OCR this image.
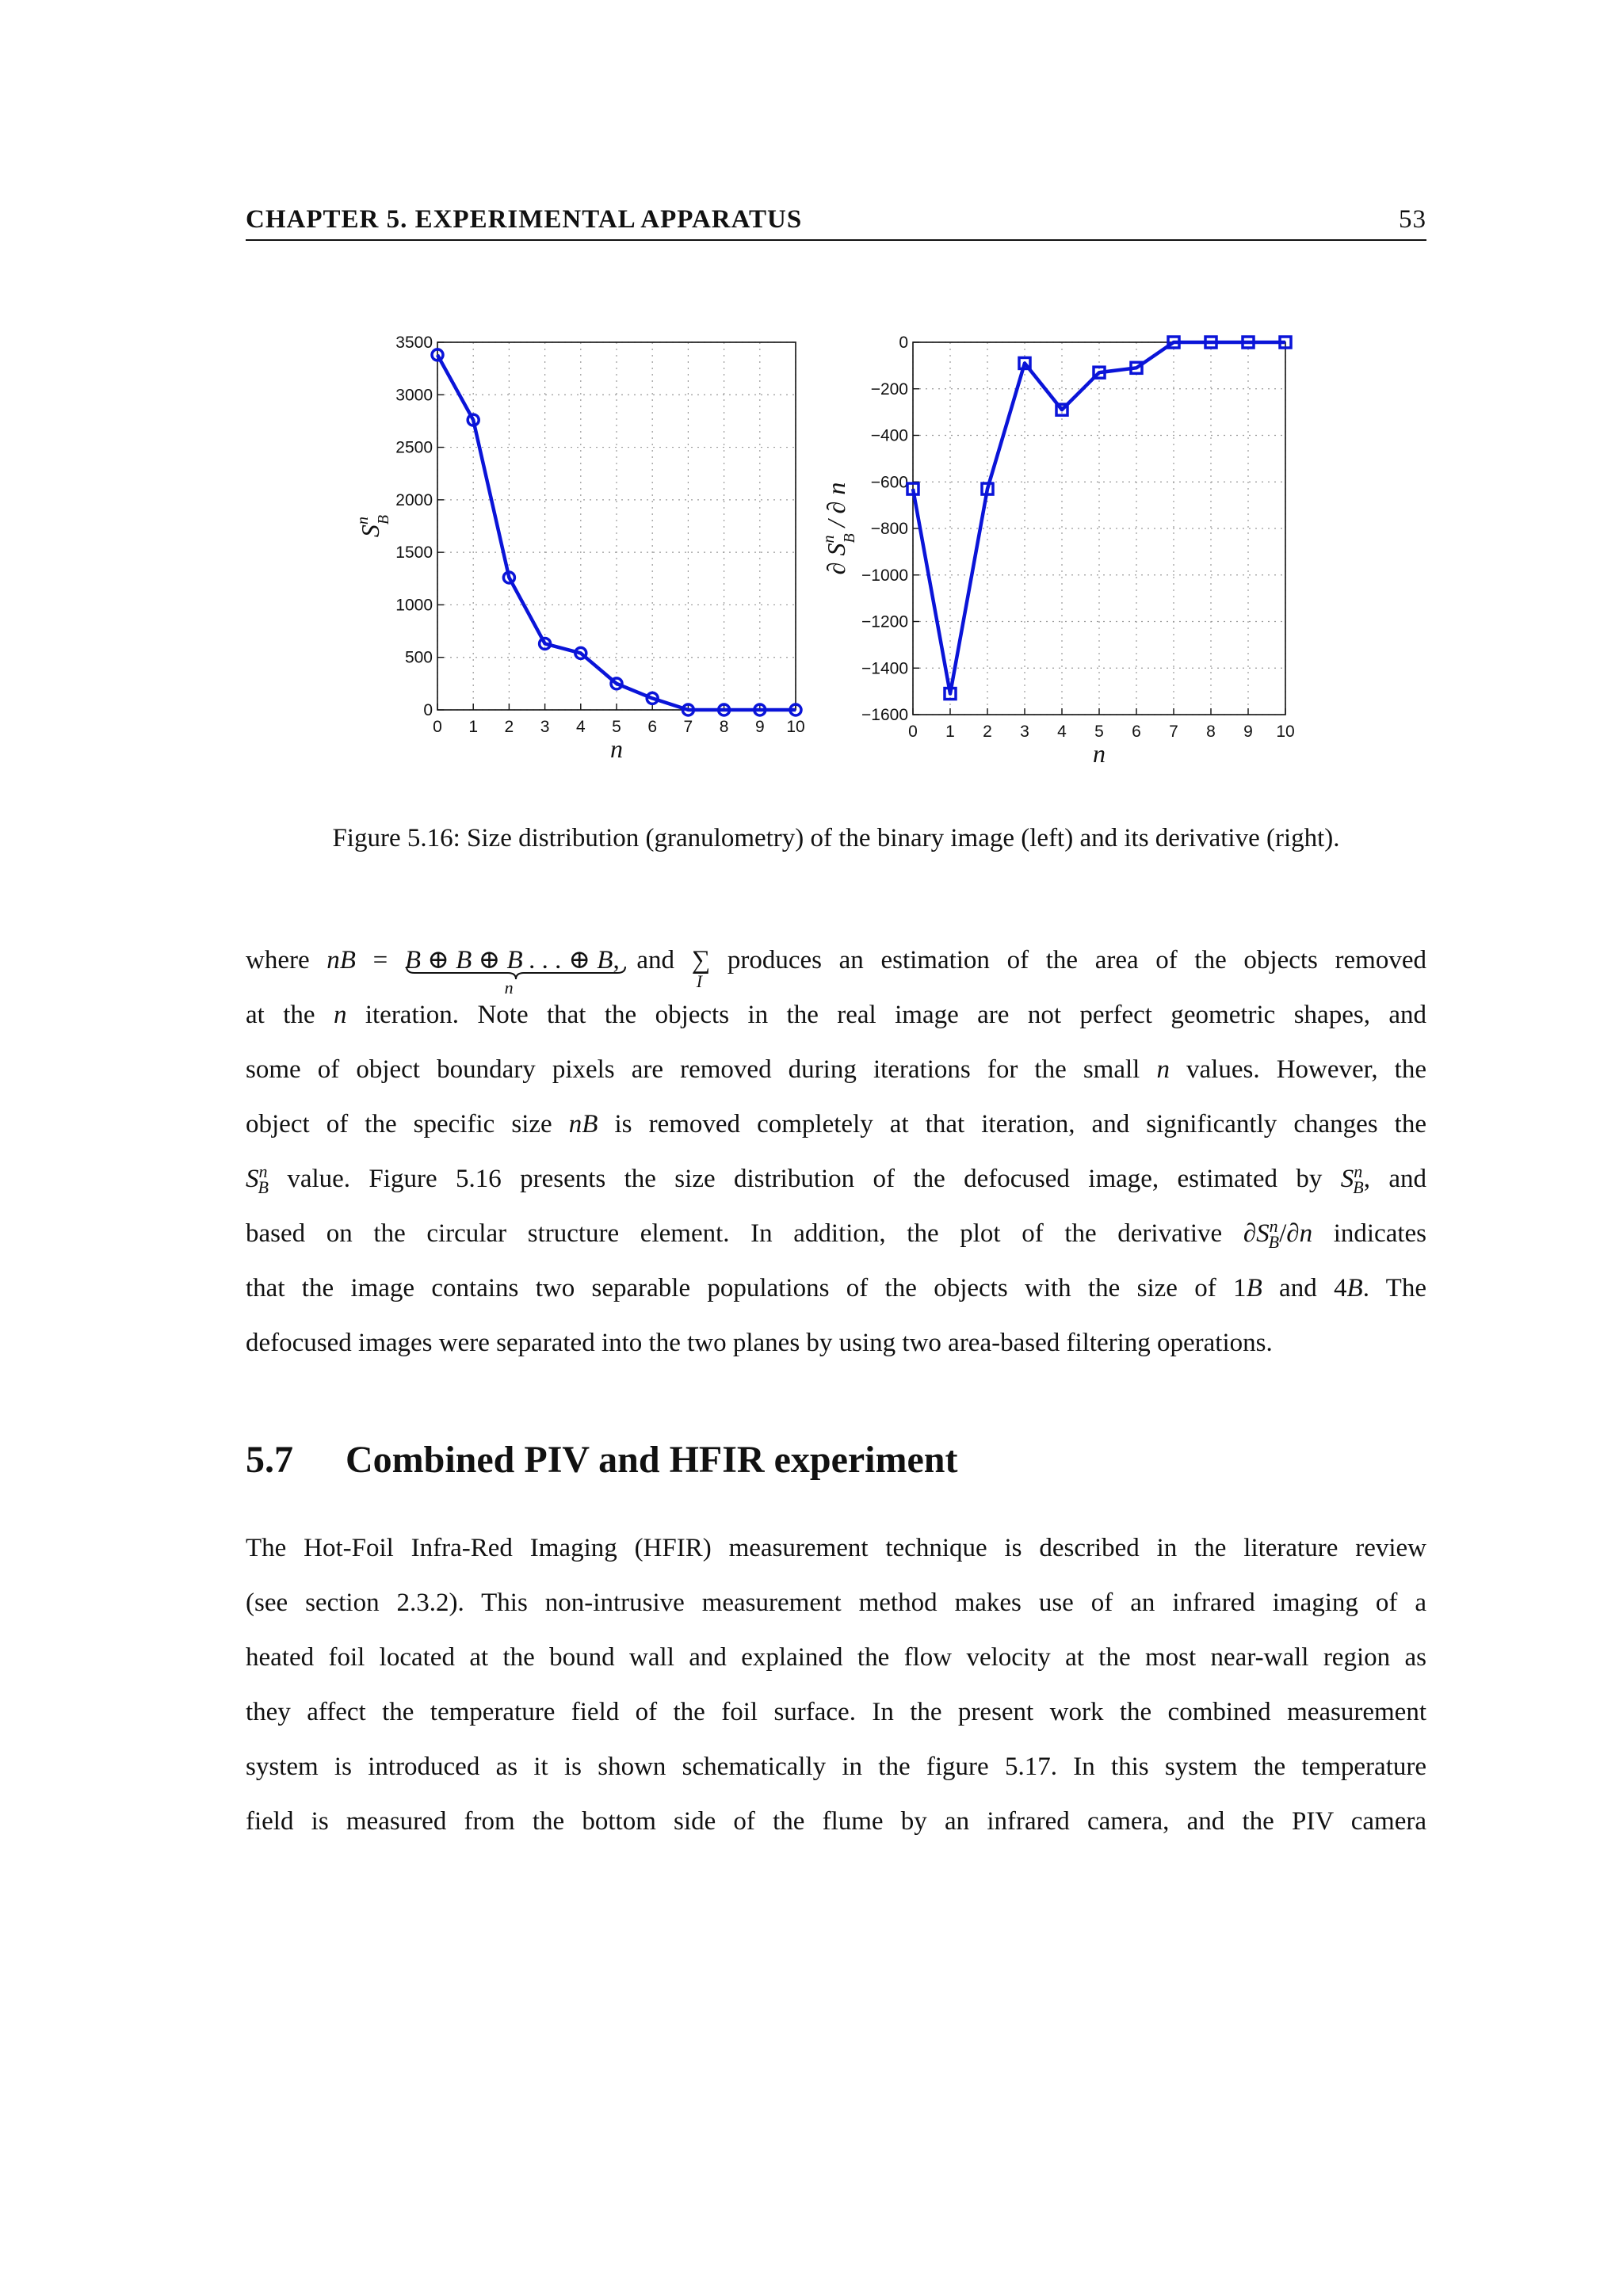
CHAPTER 5. EXPERIMENTAL APPARATUS	53
0 1 2 3 4 5 6 7 8 9 10
0
500
1000
1500
2000
2500
3000
3500
n
$S^n$ B
0 1 2 3 4 5 6 7 8 9 10
0
−200
−400
−600
−800
−1000
−1200
−1400
−1600
n
∂ $S^n$ B / ∂ n
Figure 5.16: Size distribution (granulometry) of the binary image (left) and its derivative (right).
where nB = B ⊕ B ⊕ B . . . ⊕ B
n
, and ∑
I
produces an estimation of the area of the objects removed
at the n iteration. Note that the objects in the real image are not perfect geometric shapes, and
some of object boundary pixels are removed during iterations for the small n values. However, the
object of the specific size nB is removed completely at that iteration, and significantly changes the
$S^n_B$ value. Figure 5.16 presents the size distribution of the defocused image, estimated by $S^n_B$, and
based on the circular structure element. In addition, the plot of the derivative $\partial S^n_B/\partial n$ indicates
that the image contains two separable populations of the objects with the size of 1B and 4B. The
defocused images were separated into the two planes by using two area-based filtering operations.
5.7 Combined PIV and HFIR experiment
The Hot-Foil Infra-Red Imaging (HFIR) measurement technique is described in the literature review
(see section 2.3.2). This non-intrusive measurement method makes use of an infrared imaging of a
heated foil located at the bound wall and explained the flow velocity at the most near-wall region as
they affect the temperature field of the foil surface. In the present work the combined measurement
system is introduced as it is shown schematically in the figure 5.17. In this system the temperature
field is measured from the bottom side of the flume by an infrared camera, and the PIV camera
